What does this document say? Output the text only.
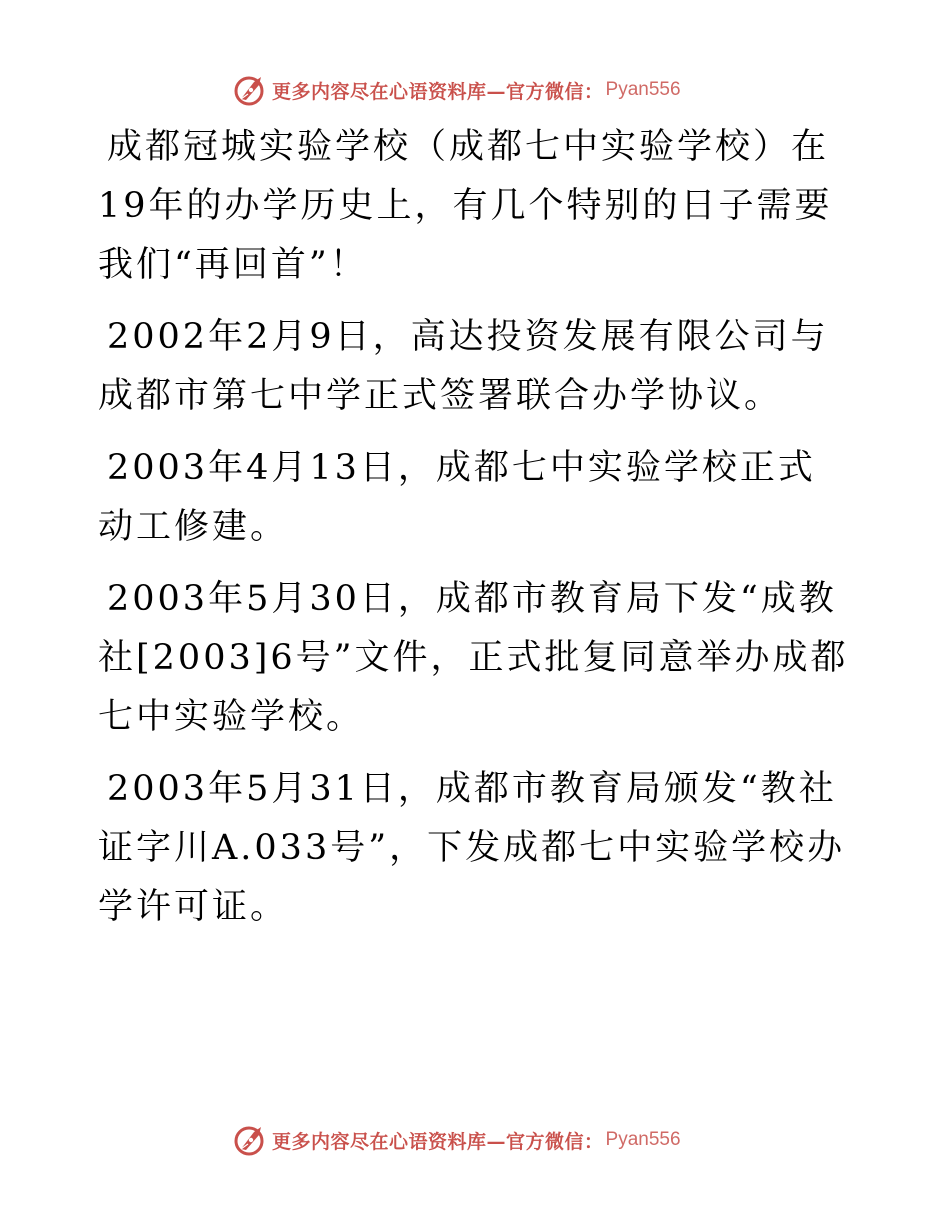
更多内容尽在心语资料库—官方微信： Pyan556

成都冠城实验学校（成都七中实验学校）在19年的办学历史上，有几个特别的日子需要我们“再回首”！

2002年2月9日，高达投资发展有限公司与成都市第七中学正式签署联合办学协议。

2003年4月13日，成都七中实验学校正式动工修建。

2003年5月30日，成都市教育局下发“成教社[2003]6号”文件，正式批复同意举办成都七中实验学校。

2003年5月31日，成都市教育局颁发“教社证字川A.033号”，下发成都七中实验学校办学许可证。

更多内容尽在心语资料库—官方微信： Pyan556
